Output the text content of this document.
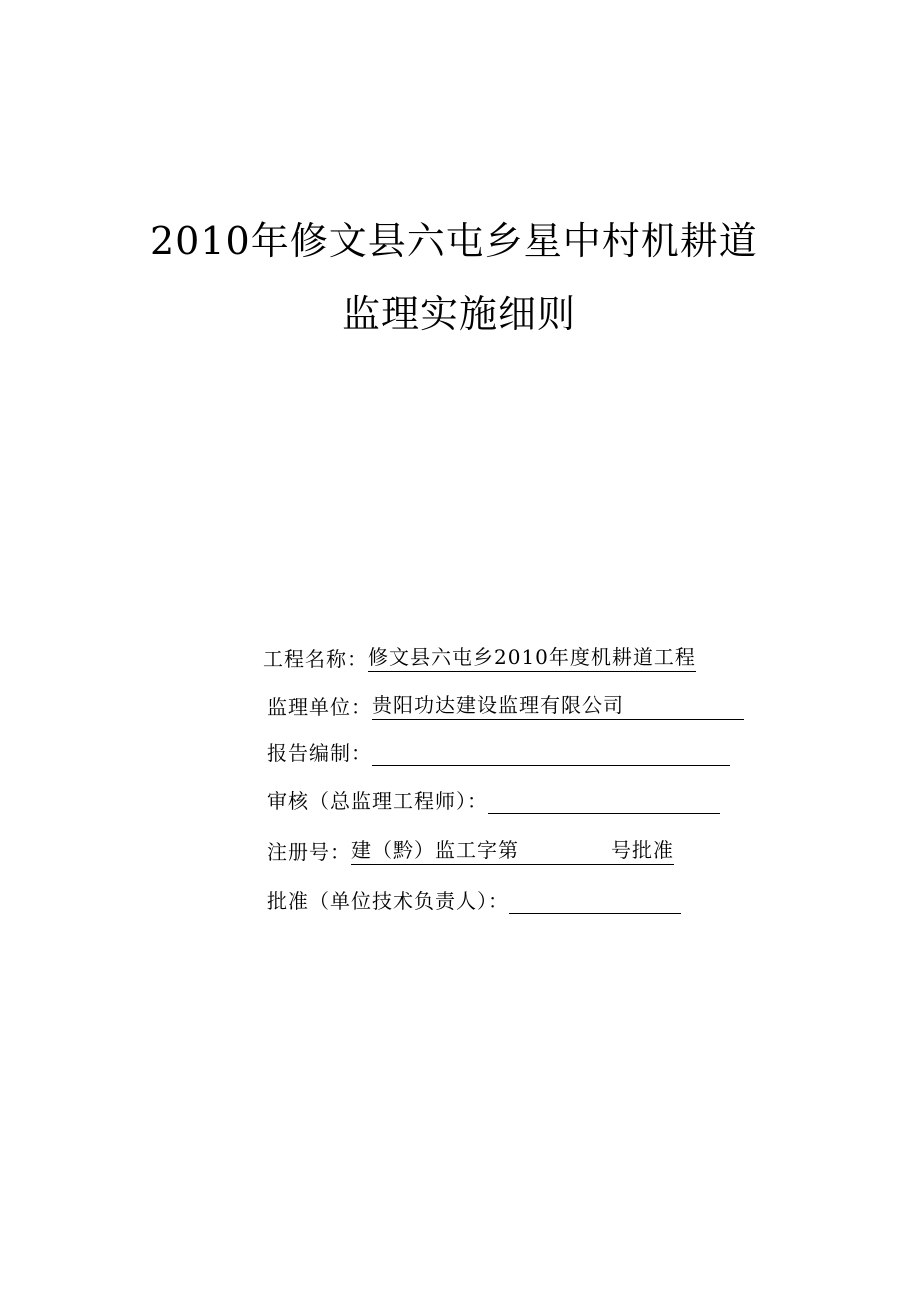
2010年修文县六屯乡星中村机耕道
监理实施细则
工程名称： 修文县六屯乡2010年度机耕道工程
监理单位： 贵阳功达建设监理有限公司
报告编制：
审核（总监理工程师）：
注册号： 建（黔）监工字第	号批准
批准（单位技术负责人）：
